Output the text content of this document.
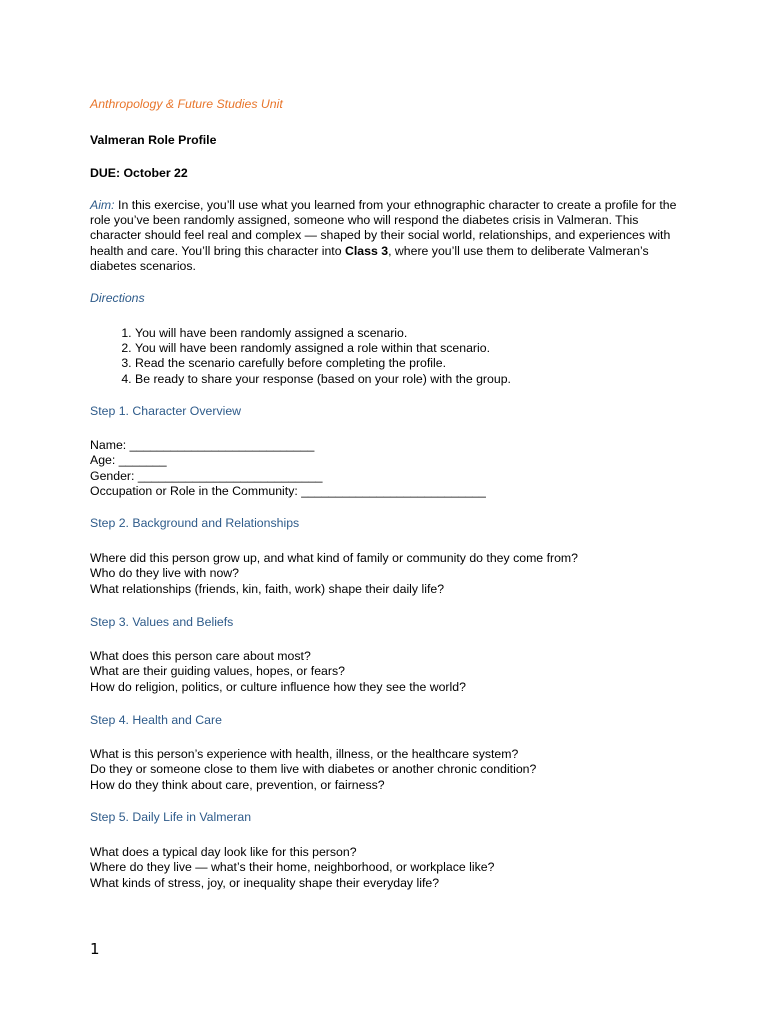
Anthropology & Future Studies Unit
Valmeran Role Profile
DUE: October 22
Aim: In this exercise, you’ll use what you learned from your ethnographic character to create a profile for the role you’ve been randomly assigned, someone who will respond the diabetes crisis in Valmeran. This character should feel real and complex — shaped by their social world, relationships, and experiences with health and care. You’ll bring this character into Class 3, where you’ll use them to deliberate Valmeran’s diabetes scenarios.
Directions
1. You will have been randomly assigned a scenario.
2. You will have been randomly assigned a role within that scenario.
3. Read the scenario carefully before completing the profile.
4. Be ready to share your response (based on your role) with the group.
Step 1. Character Overview
Name: ___________________________
Age: _______
Gender: ___________________________
Occupation or Role in the Community: ___________________________
Step 2. Background and Relationships
Where did this person grow up, and what kind of family or community do they come from?
Who do they live with now?
What relationships (friends, kin, faith, work) shape their daily life?
Step 3. Values and Beliefs
What does this person care about most?
What are their guiding values, hopes, or fears?
How do religion, politics, or culture influence how they see the world?
Step 4. Health and Care
What is this person’s experience with health, illness, or the healthcare system?
Do they or someone close to them live with diabetes or another chronic condition?
How do they think about care, prevention, or fairness?
Step 5. Daily Life in Valmeran
What does a typical day look like for this person?
Where do they live — what’s their home, neighborhood, or workplace like?
What kinds of stress, joy, or inequality shape their everyday life?
1
